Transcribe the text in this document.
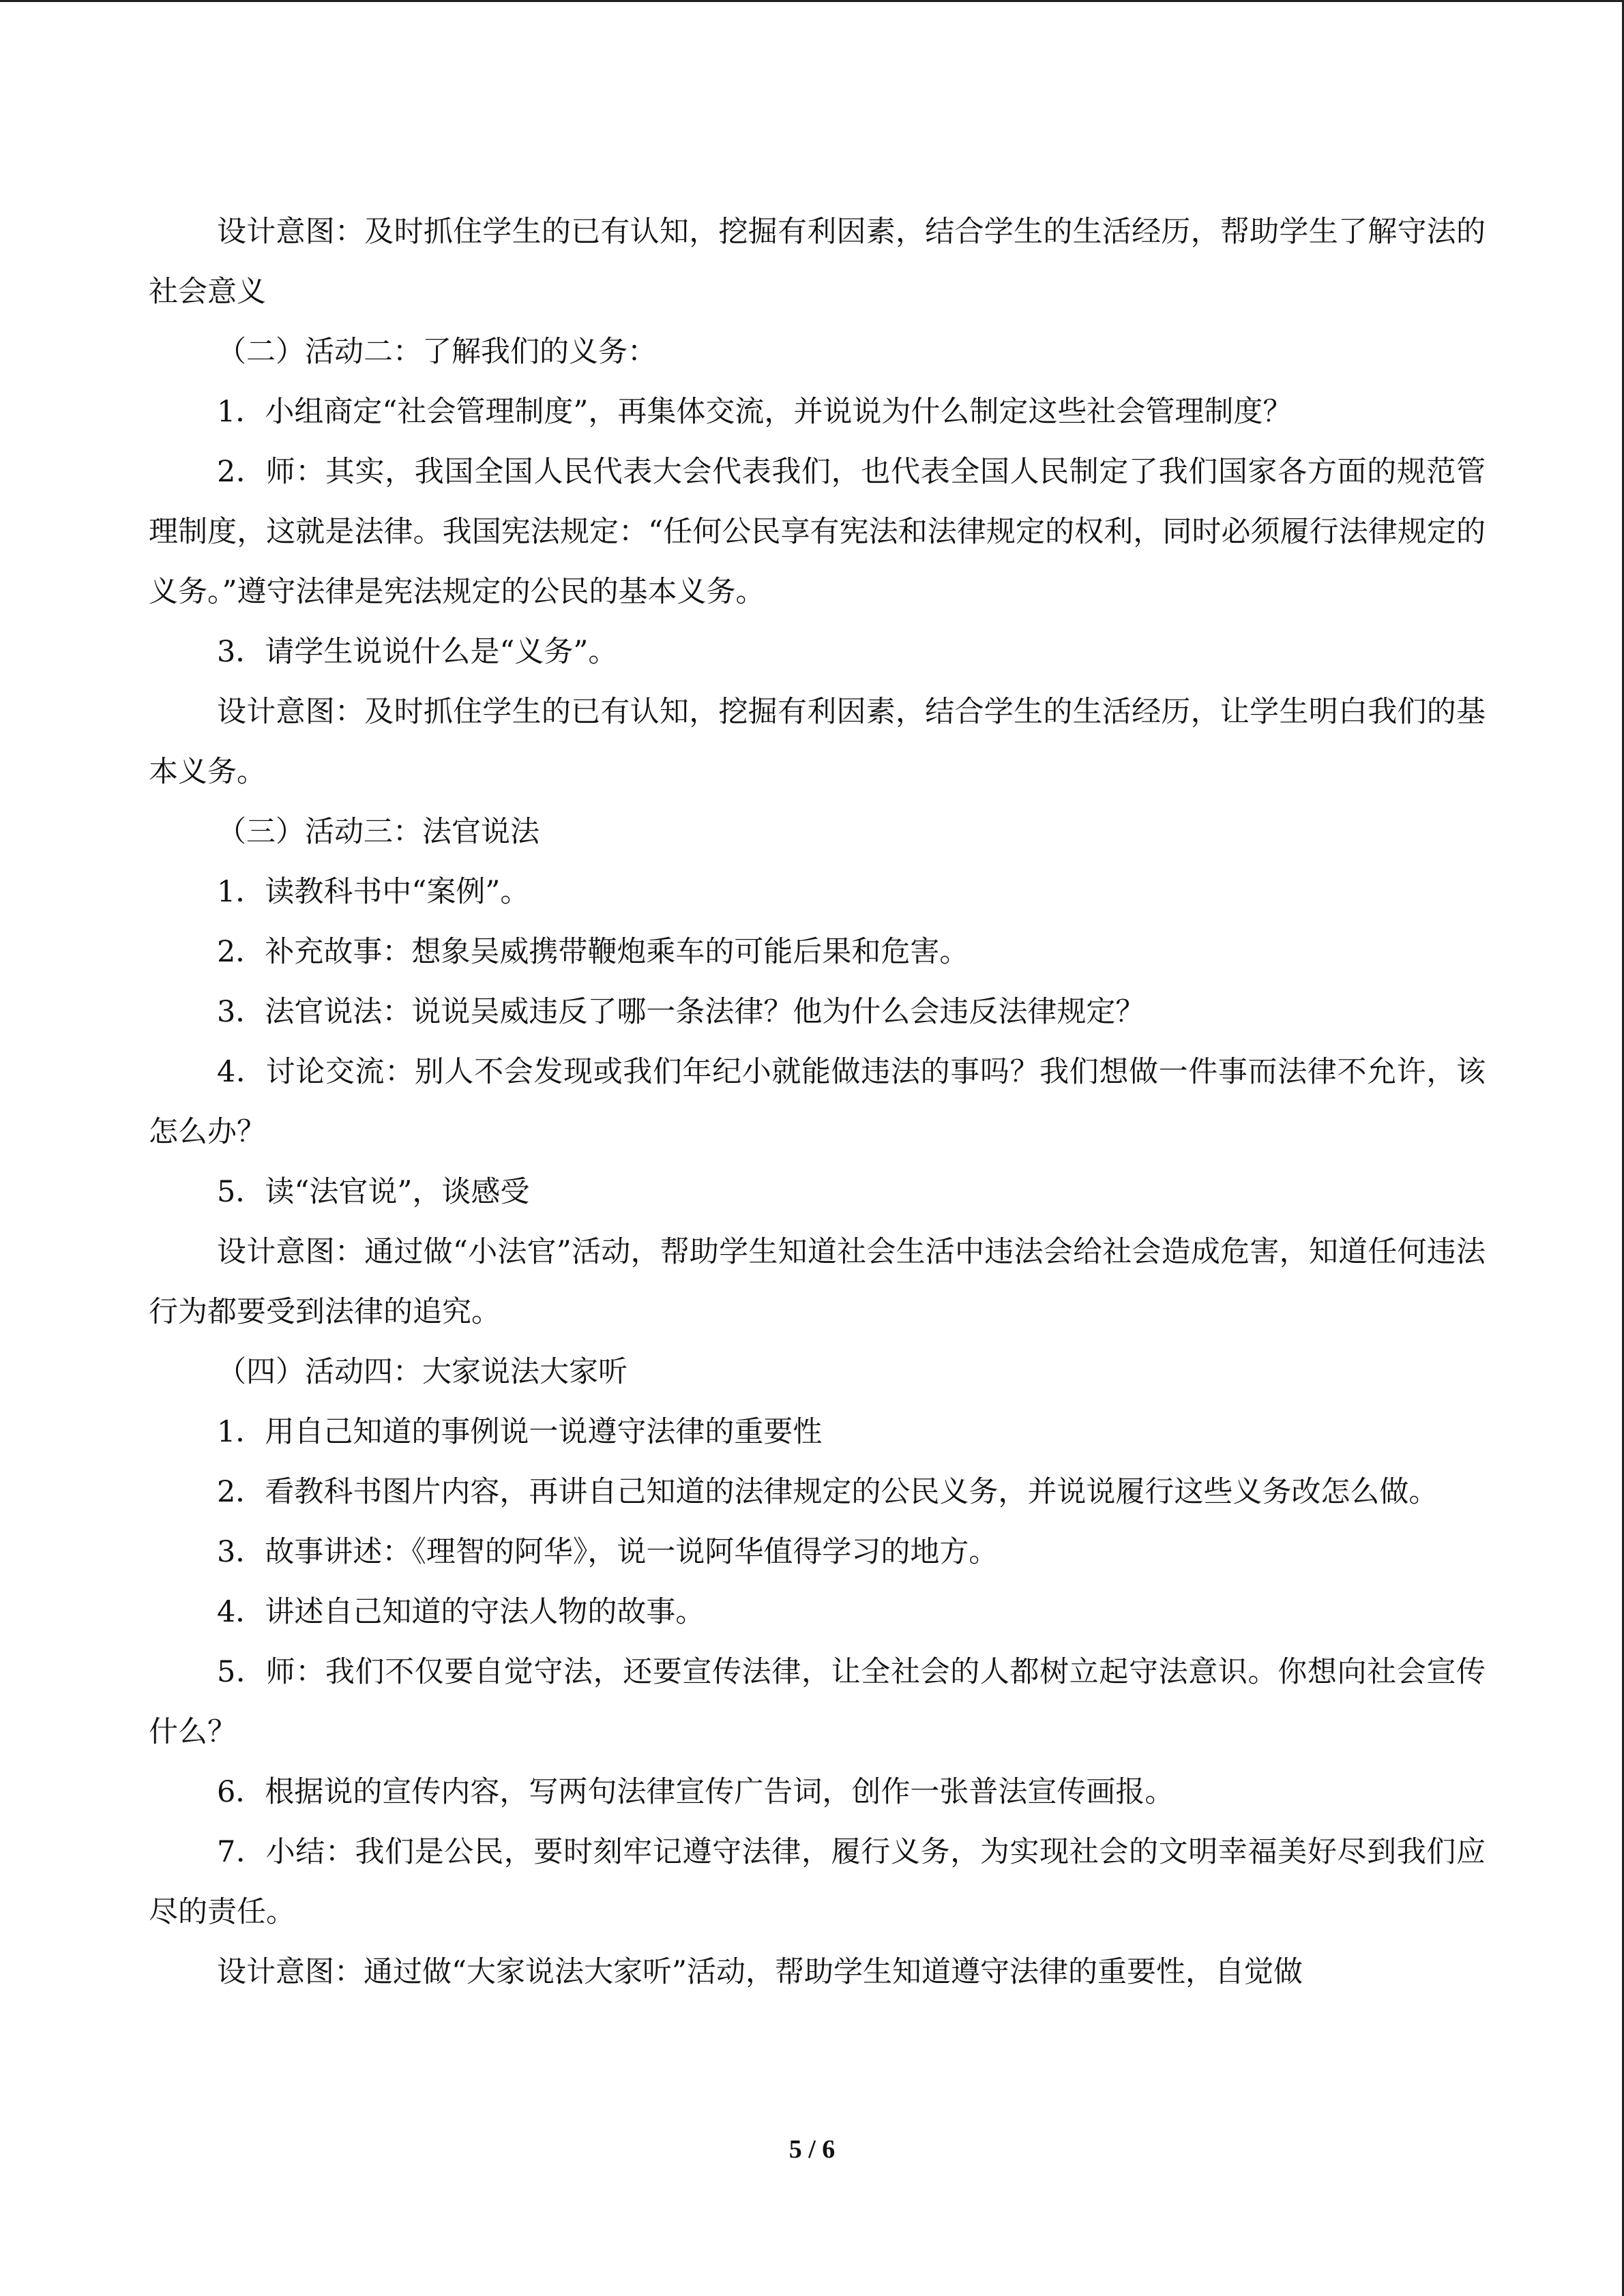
设计意图：及时抓住学生的已有认知，挖掘有利因素，结合学生的生活经历，帮助学生了解守法的社会意义

（二）活动二：了解我们的义务：

1．小组商定“社会管理制度”，再集体交流，并说说为什么制定这些社会管理制度？

2．师：其实，我国全国人民代表大会代表我们，也代表全国人民制定了我们国家各方面的规范管理制度，这就是法律。我国宪法规定：“任何公民享有宪法和法律规定的权利，同时必须履行法律规定的义务。”遵守法律是宪法规定的公民的基本义务。

3．请学生说说什么是“义务”。

设计意图：及时抓住学生的已有认知，挖掘有利因素，结合学生的生活经历，让学生明白我们的基本义务。

（三）活动三：法官说法

1．读教科书中“案例”。

2．补充故事：想象吴威携带鞭炮乘车的可能后果和危害。

3．法官说法：说说吴威违反了哪一条法律？他为什么会违反法律规定？

4．讨论交流：别人不会发现或我们年纪小就能做违法的事吗？我们想做一件事而法律不允许，该怎么办？

5．读“法官说”，谈感受

设计意图：通过做“小法官”活动，帮助学生知道社会生活中违法会给社会造成危害，知道任何违法行为都要受到法律的追究。

（四）活动四：大家说法大家听

1．用自己知道的事例说一说遵守法律的重要性

2．看教科书图片内容，再讲自己知道的法律规定的公民义务，并说说履行这些义务改怎么做。

3．故事讲述：《理智的阿华》，说一说阿华值得学习的地方。

4．讲述自己知道的守法人物的故事。

5．师：我们不仅要自觉守法，还要宣传法律，让全社会的人都树立起守法意识。你想向社会宣传什么？

6．根据说的宣传内容，写两句法律宣传广告词，创作一张普法宣传画报。

7．小结：我们是公民，要时刻牢记遵守法律，履行义务，为实现社会的文明幸福美好尽到我们应尽的责任。

设计意图：通过做“大家说法大家听”活动，帮助学生知道遵守法律的重要性，自觉做

5 / 6
